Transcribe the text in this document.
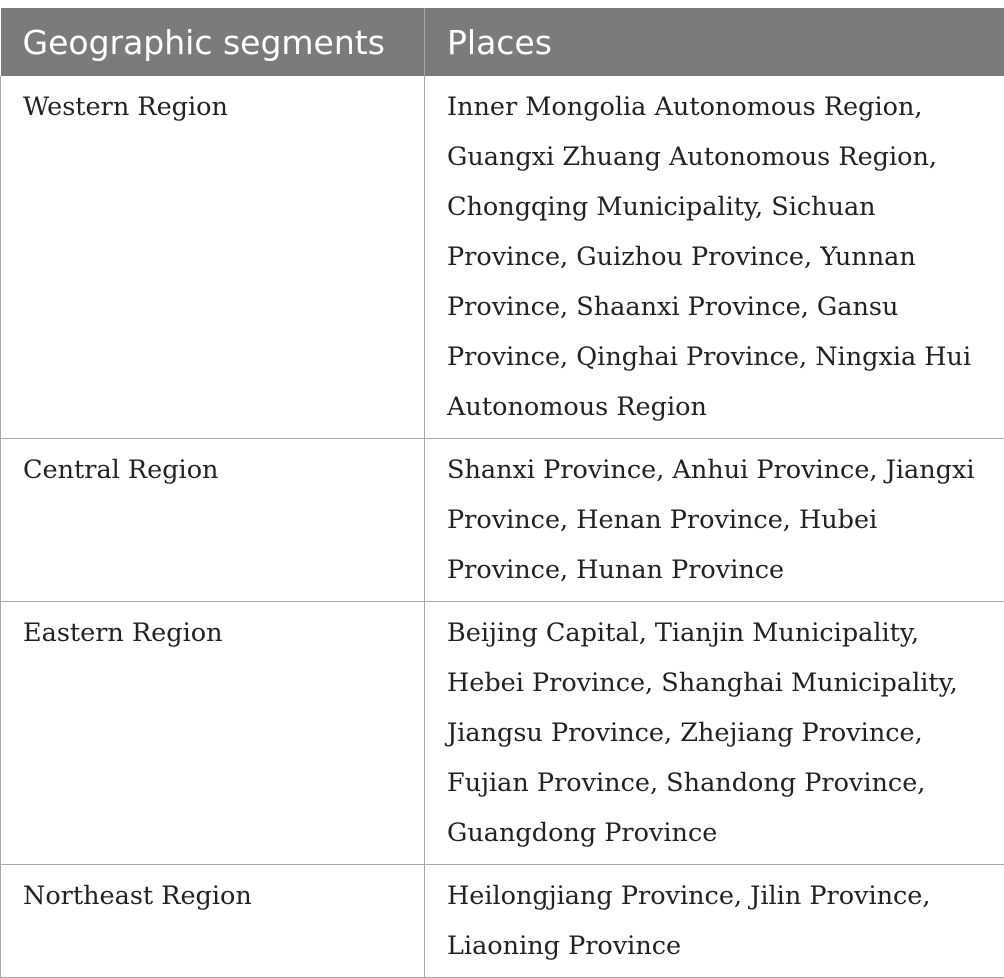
Geographic segments	Places
Western Region	Inner Mongolia Autonomous Region, Guangxi Zhuang Autonomous Region, Chongqing Municipality, Sichuan Province, Guizhou Province, Yunnan Province, Shaanxi Province, Gansu Province, Qinghai Province, Ningxia Hui Autonomous Region
Central Region	Shanxi Province, Anhui Province, Jiangxi Province, Henan Province, Hubei Province, Hunan Province
Eastern Region	Beijing Capital, Tianjin Municipality, Hebei Province, Shanghai Municipality, Jiangsu Province, Zhejiang Province, Fujian Province, Shandong Province, Guangdong Province
Northeast Region	Heilongjiang Province, Jilin Province, Liaoning Province
